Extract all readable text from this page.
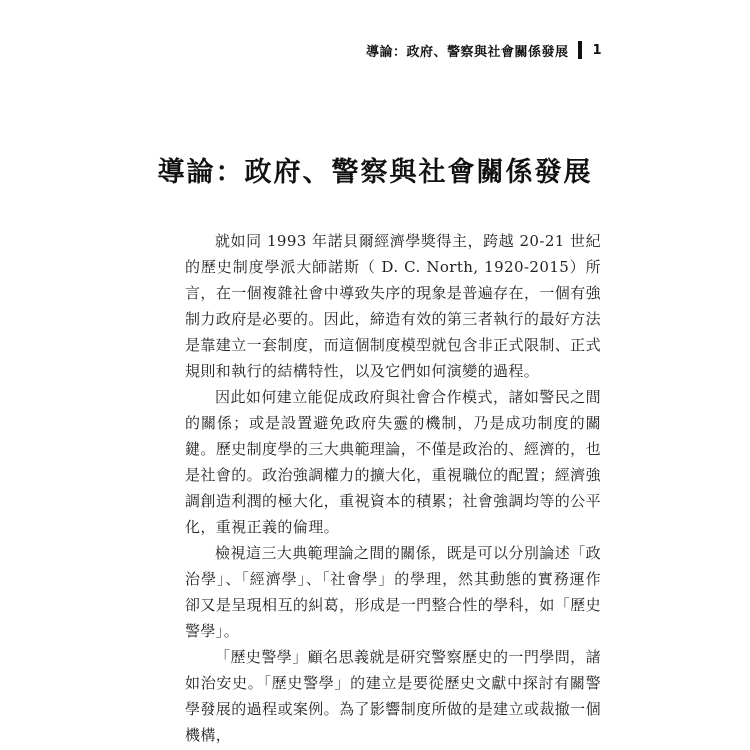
導論：政府、警察與社會關係發展 1
導論：政府、警察與社會關係發展

就如同 1993 年諾貝爾經濟學獎得主，跨越 20-21 世紀的歷史制度學派大師諾斯（ D. C. North, 1920-2015）所言，在一個複雜社會中導致失序的現象是普遍存在，一個有強制力政府是必要的。因此，締造有效的第三者執行的最好方法是靠建立一套制度，而這個制度模型就包含非正式限制、正式規則和執行的結構特性，以及它們如何演變的過程。

因此如何建立能促成政府與社會合作模式，諸如警民之間的關係；或是設置避免政府失靈的機制，乃是成功制度的關鍵。歷史制度學的三大典範理論，不僅是政治的、經濟的，也是社會的。政治強調權力的擴大化，重視職位的配置；經濟強調創造利潤的極大化，重視資本的積累；社會強調均等的公平化，重視正義的倫理。

檢視這三大典範理論之間的關係，既是可以分別論述「政治學」、「經濟學」、「社會學」的學理，然其動態的實務運作卻又是呈現相互的糾葛，形成是一門整合性的學科，如「歷史警學」。

「歷史警學」顧名思義就是研究警察歷史的一門學問，諸如治安史。「歷史警學」的建立是要從歷史文獻中探討有關警學發展的過程或案例。為了影響制度所做的是建立或裁撤一個機構，
